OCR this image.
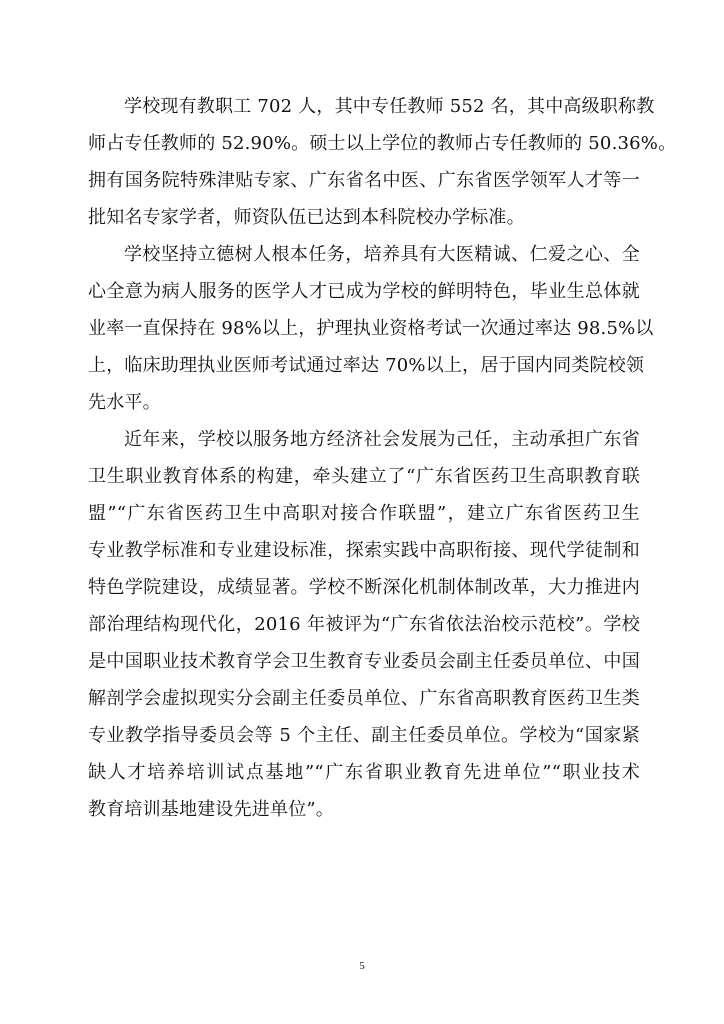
学校现有教职工 702 人，其中专任教师 552 名，其中高级职称教
师占专任教师的 52.90%。硕士以上学位的教师占专任教师的 50.36%。
拥有国务院特殊津贴专家、广东省名中医、广东省医学领军人才等一
批知名专家学者，师资队伍已达到本科院校办学标准。
学校坚持立德树人根本任务，培养具有大医精诚、仁爱之心、全
心全意为病人服务的医学人才已成为学校的鲜明特色，毕业生总体就
业率一直保持在 98%以上，护理执业资格考试一次通过率达 98.5%以
上，临床助理执业医师考试通过率达 70%以上，居于国内同类院校领
先水平。
近年来，学校以服务地方经济社会发展为己任，主动承担广东省
卫生职业教育体系的构建，牵头建立了“广东省医药卫生高职教育联
盟”“广东省医药卫生中高职对接合作联盟”，建立广东省医药卫生
专业教学标准和专业建设标准，探索实践中高职衔接、现代学徒制和
特色学院建设，成绩显著。学校不断深化机制体制改革，大力推进内
部治理结构现代化，2016 年被评为“广东省依法治校示范校”。学校
是中国职业技术教育学会卫生教育专业委员会副主任委员单位、中国
解剖学会虚拟现实分会副主任委员单位、广东省高职教育医药卫生类
专业教学指导委员会等 5 个主任、副主任委员单位。学校为“国家紧
缺人才培养培训试点基地”“广东省职业教育先进单位”“职业技术
教育培训基地建设先进单位”。
5
